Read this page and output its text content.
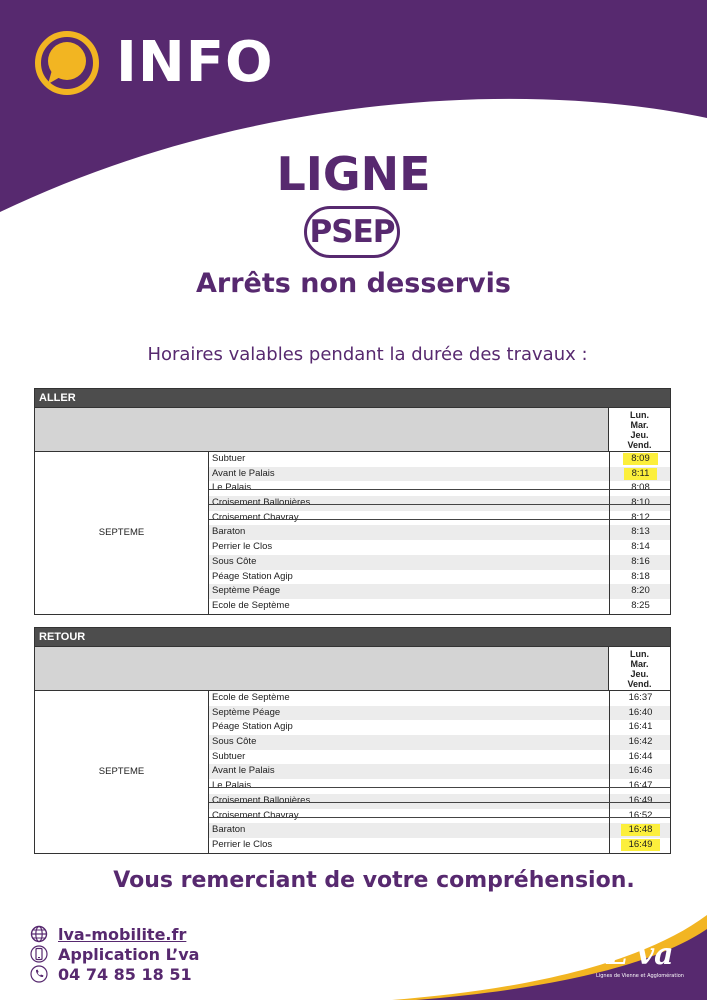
INFO
LIGNE
PSEP
Arrêts non desservis
Horaires valables pendant la durée des travaux :
ALLER
Lun.
Mar.
Jeu.
Vend.
SEPTEME
Subtuer	8:09
Avant le Palais	8:11
Le Palais	8:08
Croisement Ballonières	8:10
Croisement Chavray	8:12
Baraton	8:13
Perrier le Clos	8:14
Sous Côte	8:16
Péage Station Agip	8:18
Septème Péage	8:20
Ecole de Septème	8:25
RETOUR
Lun.
Mar.
Jeu.
Vend.
SEPTEME
Ecole de Septème	16:37
Septème Péage	16:40
Péage Station Agip	16:41
Sous Côte	16:42
Subtuer	16:44
Avant le Palais	16:46
Le Palais	16:47
Croisement Ballonières	16:49
Croisement Chavray	16:52
Baraton	16:48
Perrier le Clos	16:49
Vous remerciant de votre compréhension.
lva-mobilite.fr
Application L’va
04 74 85 18 51
L'va
Lignes de Vienne et Agglomération
